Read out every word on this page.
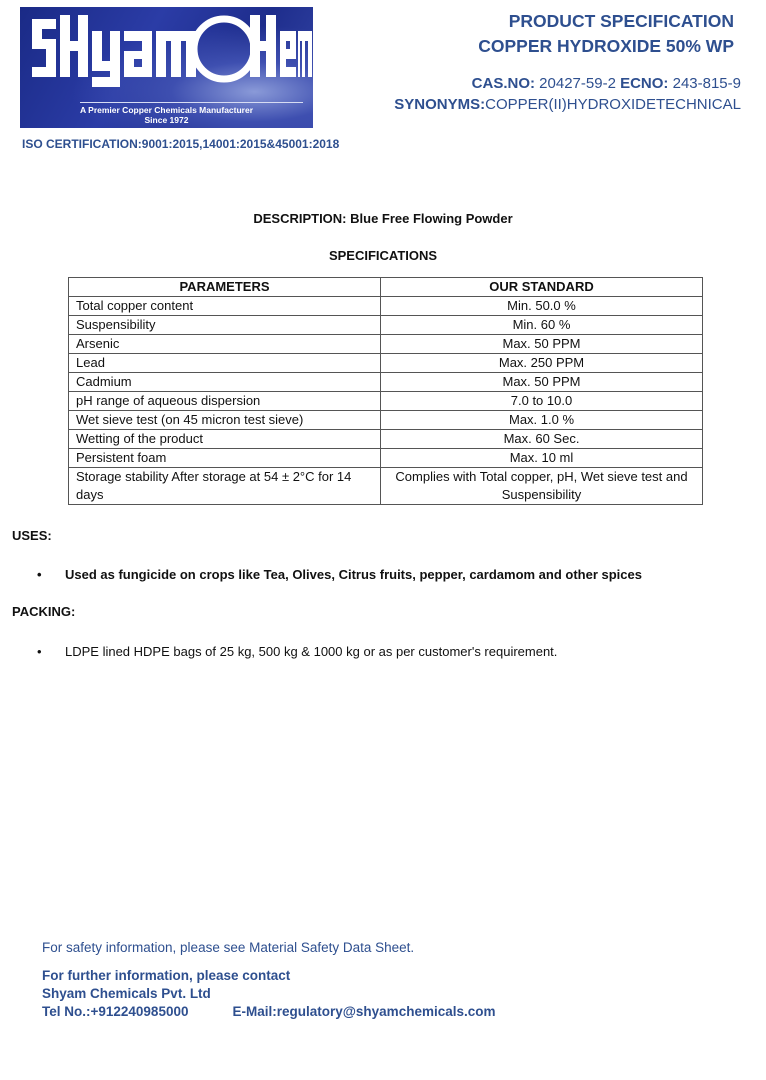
A Premier Copper Chemicals Manufacturer
Since 1972
ISO CERTIFICATION:9001:2015,14001:2015&45001:2018
PRODUCT SPECIFICATION
COPPER HYDROXIDE 50% WP
CAS.NO: 20427-59-2 ECNO: 243-815-9
SYNONYMS:COPPER(II)HYDROXIDETECHNICAL
DESCRIPTION: Blue Free Flowing Powder
SPECIFICATIONS
PARAMETERS	OUR STANDARD
Total copper content	Min. 50.0 %
Suspensibility	Min. 60 %
Arsenic	Max. 50 PPM
Lead	Max. 250 PPM
Cadmium	Max. 50 PPM
pH range of aqueous dispersion	7.0 to 10.0
Wet sieve test (on 45 micron test sieve)	Max. 1.0 %
Wetting of the product	Max. 60 Sec.
Persistent foam	Max. 10 ml
Storage stability After storage at 54 ± 2°C for 14 days	Complies with Total copper, pH, Wet sieve test and Suspensibility
USES:
• Used as fungicide on crops like Tea, Olives, Citrus fruits, pepper, cardamom and other spices
PACKING:
• LDPE lined HDPE bags of 25 kg, 500 kg & 1000 kg or as per customer's requirement.
For safety information, please see Material Safety Data Sheet.
For further information, please contact
Shyam Chemicals Pvt. Ltd
Tel No.:+912240985000	E-Mail:regulatory@shyamchemicals.com
